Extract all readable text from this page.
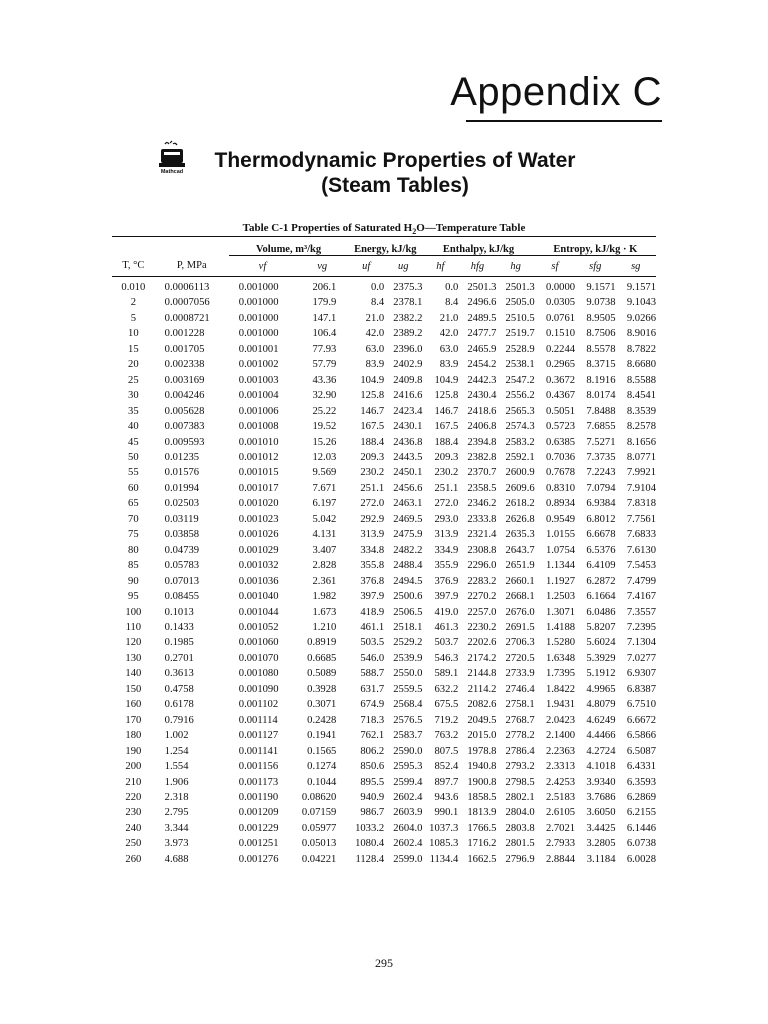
Appendix C
Mathcad	Thermodynamic Properties of Water
(Steam Tables)
Table C-1 Properties of Saturated $H_2O—Temperature$ Table
		Volume, m³/kg		Energy, kJ/kg		Enthalpy, kJ/kg			Entropy, kJ/kg · K		
T, °C	P, MPa	vf	vg	uf	ug	hf	hfg	hg	sf	sfg	sg
0.010	0.0006113	0.001000	206.1	0.0	2375.3	0.0	2501.3	2501.3	0.0000	9.1571	9.1571
2	0.0007056	0.001000	179.9	8.4	2378.1	8.4	2496.6	2505.0	0.0305	9.0738	9.1043
5	0.0008721	0.001000	147.1	21.0	2382.2	21.0	2489.5	2510.5	0.0761	8.9505	9.0266
10	0.001228	0.001000	106.4	42.0	2389.2	42.0	2477.7	2519.7	0.1510	8.7506	8.9016
15	0.001705	0.001001	77.93	63.0	2396.0	63.0	2465.9	2528.9	0.2244	8.5578	8.7822
20	0.002338	0.001002	57.79	83.9	2402.9	83.9	2454.2	2538.1	0.2965	8.3715	8.6680
25	0.003169	0.001003	43.36	104.9	2409.8	104.9	2442.3	2547.2	0.3672	8.1916	8.5588
30	0.004246	0.001004	32.90	125.8	2416.6	125.8	2430.4	2556.2	0.4367	8.0174	8.4541
35	0.005628	0.001006	25.22	146.7	2423.4	146.7	2418.6	2565.3	0.5051	7.8488	8.3539
40	0.007383	0.001008	19.52	167.5	2430.1	167.5	2406.8	2574.3	0.5723	7.6855	8.2578
45	0.009593	0.001010	15.26	188.4	2436.8	188.4	2394.8	2583.2	0.6385	7.5271	8.1656
50	0.01235	0.001012	12.03	209.3	2443.5	209.3	2382.8	2592.1	0.7036	7.3735	8.0771
55	0.01576	0.001015	9.569	230.2	2450.1	230.2	2370.7	2600.9	0.7678	7.2243	7.9921
60	0.01994	0.001017	7.671	251.1	2456.6	251.1	2358.5	2609.6	0.8310	7.0794	7.9104
65	0.02503	0.001020	6.197	272.0	2463.1	272.0	2346.2	2618.2	0.8934	6.9384	7.8318
70	0.03119	0.001023	5.042	292.9	2469.5	293.0	2333.8	2626.8	0.9549	6.8012	7.7561
75	0.03858	0.001026	4.131	313.9	2475.9	313.9	2321.4	2635.3	1.0155	6.6678	7.6833
80	0.04739	0.001029	3.407	334.8	2482.2	334.9	2308.8	2643.7	1.0754	6.5376	7.6130
85	0.05783	0.001032	2.828	355.8	2488.4	355.9	2296.0	2651.9	1.1344	6.4109	7.5453
90	0.07013	0.001036	2.361	376.8	2494.5	376.9	2283.2	2660.1	1.1927	6.2872	7.4799
95	0.08455	0.001040	1.982	397.9	2500.6	397.9	2270.2	2668.1	1.2503	6.1664	7.4167
100	0.1013	0.001044	1.673	418.9	2506.5	419.0	2257.0	2676.0	1.3071	6.0486	7.3557
110	0.1433	0.001052	1.210	461.1	2518.1	461.3	2230.2	2691.5	1.4188	5.8207	7.2395
120	0.1985	0.001060	0.8919	503.5	2529.2	503.7	2202.6	2706.3	1.5280	5.6024	7.1304
130	0.2701	0.001070	0.6685	546.0	2539.9	546.3	2174.2	2720.5	1.6348	5.3929	7.0277
140	0.3613	0.001080	0.5089	588.7	2550.0	589.1	2144.8	2733.9	1.7395	5.1912	6.9307
150	0.4758	0.001090	0.3928	631.7	2559.5	632.2	2114.2	2746.4	1.8422	4.9965	6.8387
160	0.6178	0.001102	0.3071	674.9	2568.4	675.5	2082.6	2758.1	1.9431	4.8079	6.7510
170	0.7916	0.001114	0.2428	718.3	2576.5	719.2	2049.5	2768.7	2.0423	4.6249	6.6672
180	1.002	0.001127	0.1941	762.1	2583.7	763.2	2015.0	2778.2	2.1400	4.4466	6.5866
190	1.254	0.001141	0.1565	806.2	2590.0	807.5	1978.8	2786.4	2.2363	4.2724	6.5087
200	1.554	0.001156	0.1274	850.6	2595.3	852.4	1940.8	2793.2	2.3313	4.1018	6.4331
210	1.906	0.001173	0.1044	895.5	2599.4	897.7	1900.8	2798.5	2.4253	3.9340	6.3593
220	2.318	0.001190	0.08620	940.9	2602.4	943.6	1858.5	2802.1	2.5183	3.7686	6.2869
230	2.795	0.001209	0.07159	986.7	2603.9	990.1	1813.9	2804.0	2.6105	3.6050	6.2155
240	3.344	0.001229	0.05977	1033.2	2604.0	1037.3	1766.5	2803.8	2.7021	3.4425	6.1446
250	3.973	0.001251	0.05013	1080.4	2602.4	1085.3	1716.2	2801.5	2.7933	3.2805	6.0738
260	4.688	0.001276	0.04221	1128.4	2599.0	1134.4	1662.5	2796.9	2.8844	3.1184	6.0028
295
